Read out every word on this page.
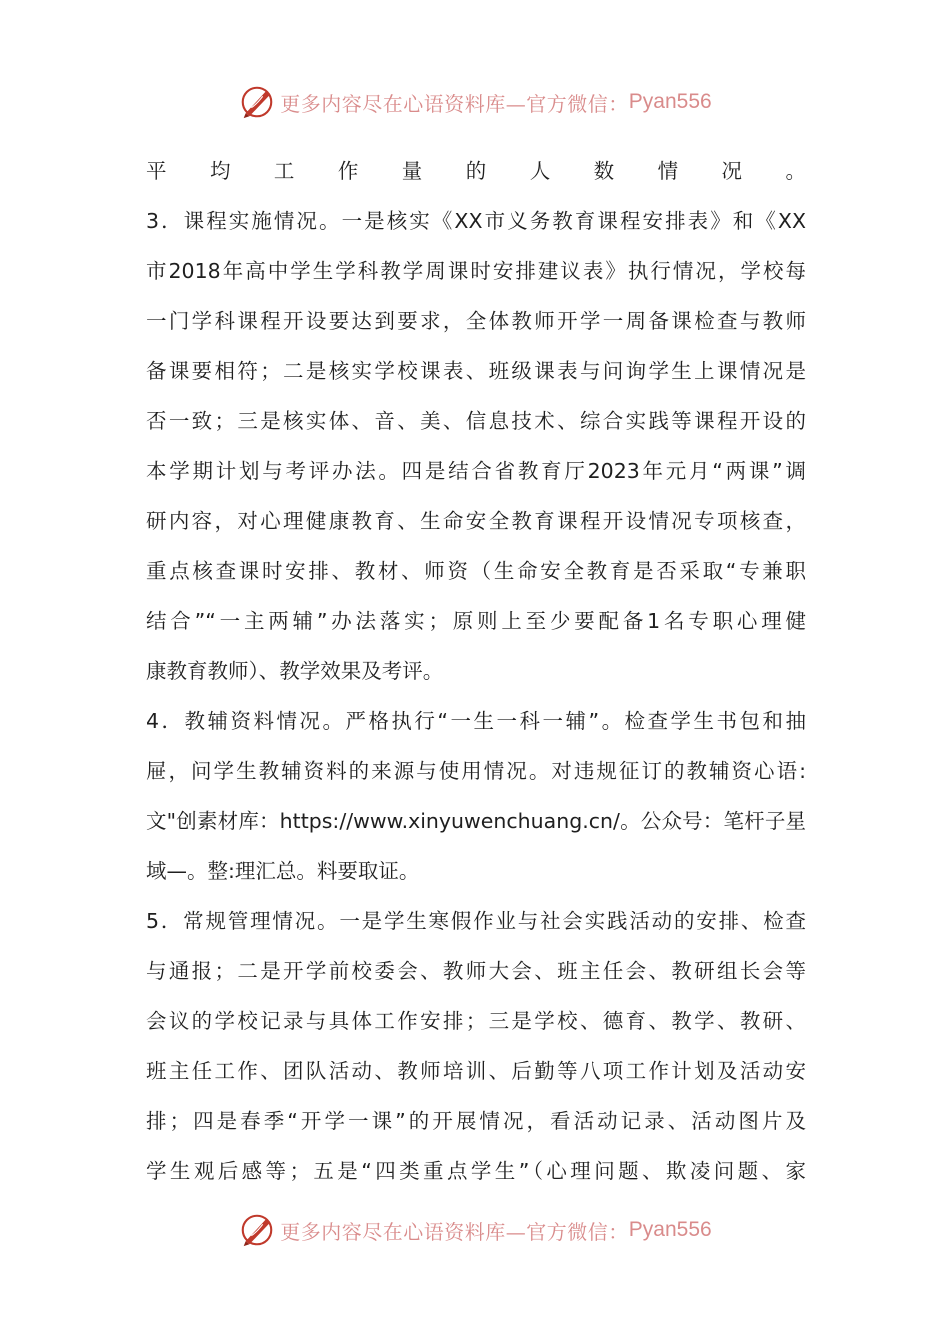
更多内容尽在心语资料库—官方微信： Pyan556
平均工作量的人数情况。
3．课程实施情况。一是核实《XX市义务教育课程安排表》和《XX
市2018年高中学生学科教学周课时安排建议表》执行情况，学校每
一门学科课程开设要达到要求，全体教师开学一周备课检查与教师
备课要相符；二是核实学校课表、班级课表与问询学生上课情况是
否一致；三是核实体、音、美、信息技术、综合实践等课程开设的
本学期计划与考评办法。四是结合省教育厅2023年元月“两课”调
研内容，对心理健康教育、生命安全教育课程开设情况专项核查，
重点核查课时安排、教材、师资（生命安全教育是否采取“专兼职
结合”“一主两辅”办法落实；原则上至少要配备1名专职心理健
康教育教师）、教学效果及考评。
4．教辅资料情况。严格执行“一生一科一辅”。检查学生书包和抽
屉，问学生教辅资料的来源与使用情况。对违规征订的教辅资心语:
文"创素材库：https://www.xinyuwenchuang.cn/。公众号：笔杆子星
域—。整:理汇总。料要取证。
5．常规管理情况。一是学生寒假作业与社会实践活动的安排、检查
与通报；二是开学前校委会、教师大会、班主任会、教研组长会等
会议的学校记录与具体工作安排；三是学校、德育、教学、教研、
班主任工作、团队活动、教师培训、后勤等八项工作计划及活动安
排；四是春季“开学一课”的开展情况，看活动记录、活动图片及
学生观后感等；五是“四类重点学生”（心理问题、欺凌问题、家
更多内容尽在心语资料库—官方微信： Pyan556
